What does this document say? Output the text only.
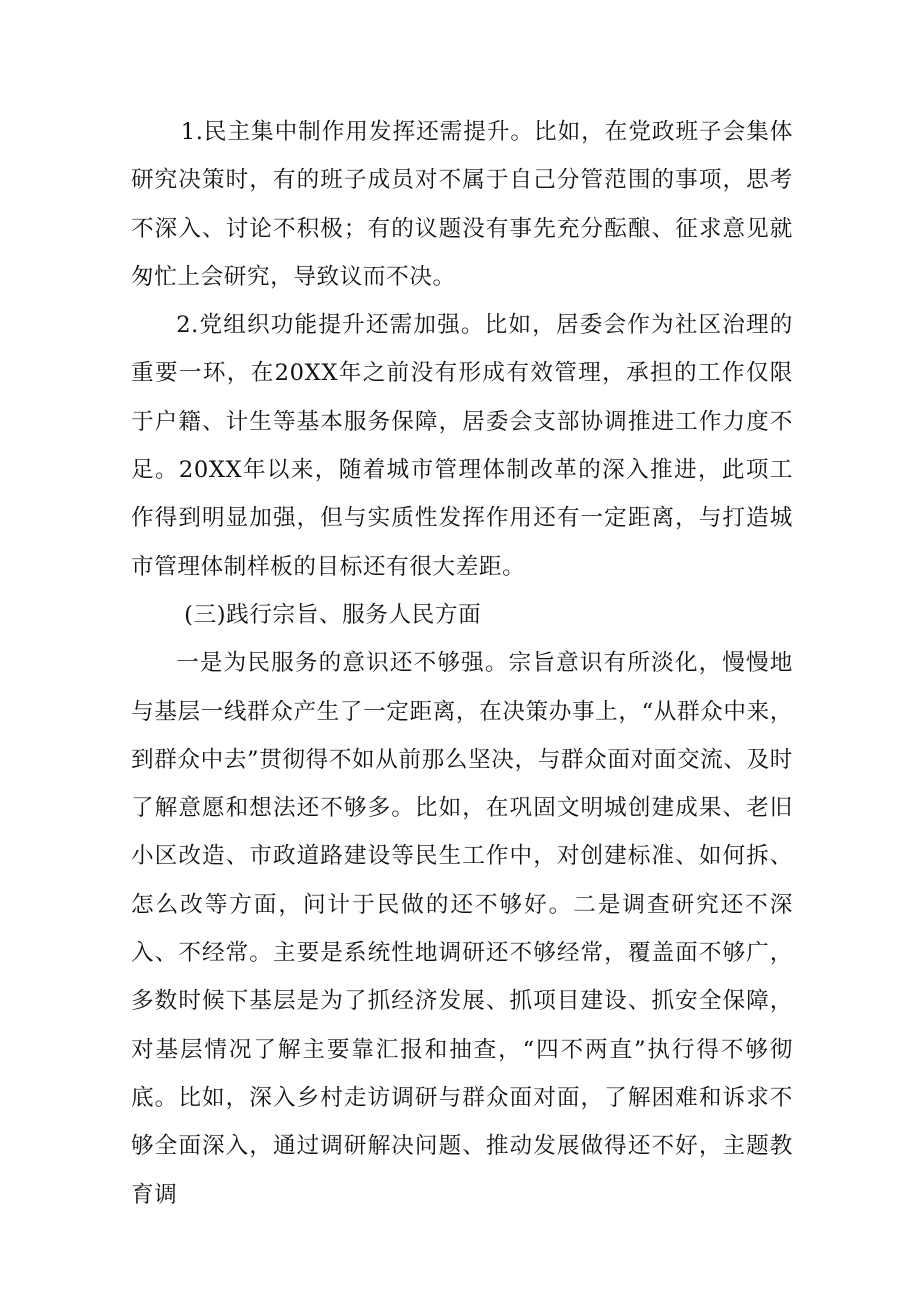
1.民主集中制作用发挥还需提升。比如，在党政班子会集体研究决策时，有的班子成员对不属于自己分管范围的事项，思考不深入、讨论不积极；有的议题没有事先充分酝酿、征求意见就匆忙上会研究，导致议而不决。

2.党组织功能提升还需加强。比如，居委会作为社区治理的重要一环，在20XX年之前没有形成有效管理，承担的工作仅限于户籍、计生等基本服务保障，居委会支部协调推进工作力度不足。20XX年以来，随着城市管理体制改革的深入推进，此项工作得到明显加强，但与实质性发挥作用还有一定距离，与打造城市管理体制样板的目标还有很大差距。

(三)践行宗旨、服务人民方面

一是为民服务的意识还不够强。宗旨意识有所淡化，慢慢地与基层一线群众产生了一定距离，在决策办事上，“从群众中来，到群众中去”贯彻得不如从前那么坚决，与群众面对面交流、及时了解意愿和想法还不够多。比如，在巩固文明城创建成果、老旧小区改造、市政道路建设等民生工作中，对创建标准、如何拆、怎么改等方面，问计于民做的还不够好。二是调查研究还不深入、不经常。主要是系统性地调研还不够经常，覆盖面不够广，多数时候下基层是为了抓经济发展、抓项目建设、抓安全保障，对基层情况了解主要靠汇报和抽查，“四不两直”执行得不够彻底。比如，深入乡村走访调研与群众面对面，了解困难和诉求不够全面深入，通过调研解决问题、推动发展做得还不好，主题教育调
